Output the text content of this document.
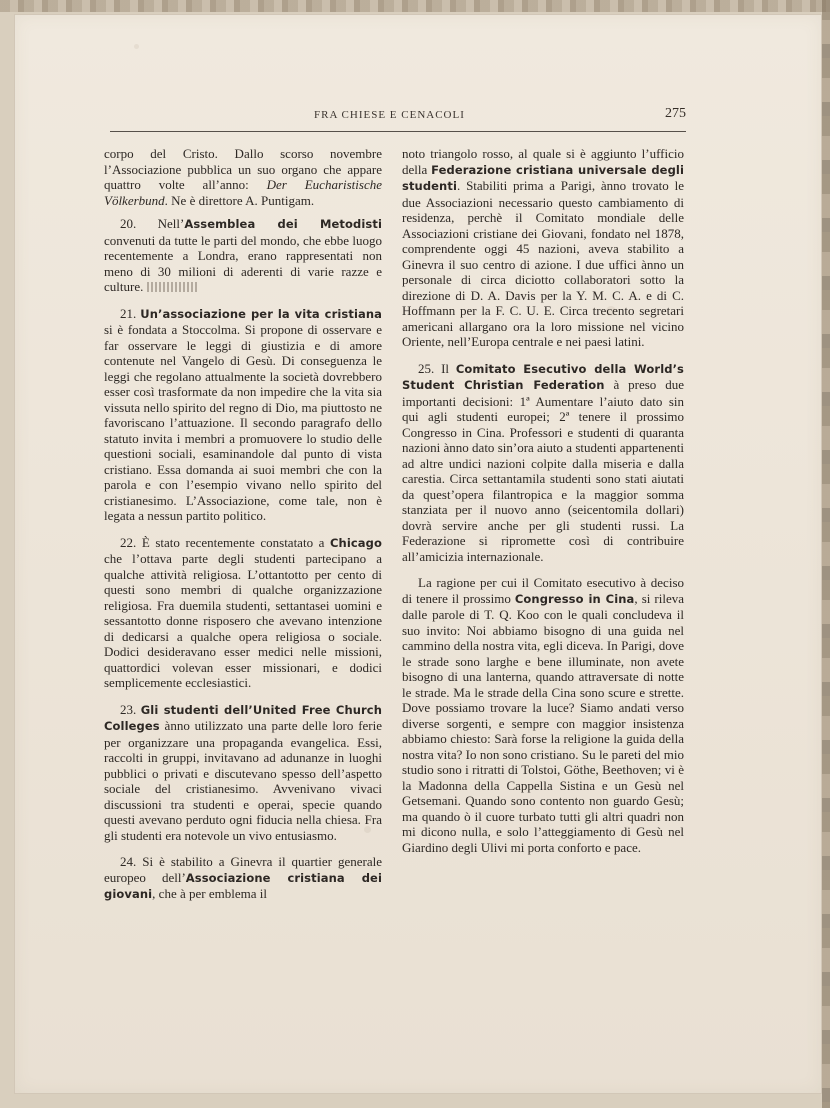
FRA CHIESE E CENACOLI	275

corpo del Cristo. Dallo scorso novembre l’Associazione pubblica un suo organo che appare quattro volte all’anno: Der Eucharistische Völkerbund. Ne è direttore A. Puntigam.

20. Nell’Assemblea dei Metodisti convenuti da tutte le parti del mondo, che ebbe luogo recentemente a Londra, erano rappresentati non meno di 30 milioni di aderenti di varie razze e culture.

21. Un’associazione per la vita cristiana si è fondata a Stoccolma. Si propone di osservare e far osservare le leggi di giustizia e di amore contenute nel Vangelo di Gesù. Di conseguenza le leggi che regolano attualmente la società dovrebbero esser così trasformate da non impedire che la vita sia vissuta nello spirito del regno di Dio, ma piuttosto ne favoriscano l’attuazione. Il secondo paragrafo dello statuto invita i membri a promuovere lo studio delle questioni sociali, esaminandole dal punto di vista cristiano. Essa domanda ai suoi membri che con la parola e con l’esempio vivano nello spirito del cristianesimo. L’Associazione, come tale, non è legata a nessun partito politico.

22. È stato recentemente constatato a Chicago che l’ottava parte degli studenti partecipano a qualche attività religiosa. L’ottantotto per cento di questi sono membri di qualche organizzazione religiosa. Fra duemila studenti, settantasei uomini e sessantotto donne risposero che avevano intenzione di dedicarsi a qualche opera religiosa o sociale. Dodici desideravano esser medici nelle missioni, quattordici volevan esser missionari, e dodici semplicemente ecclesiastici.

23. Gli studenti dell’United Free Church Colleges ànno utilizzato una parte delle loro ferie per organizzare una propaganda evangelica. Essi, raccolti in gruppi, invitavano ad adunanze in luoghi pubblici o privati e discutevano spesso dell’aspetto sociale del cristianesimo. Avvenivano vivaci discussioni tra studenti e operai, specie quando questi avevano perduto ogni fiducia nella chiesa. Fra gli studenti era notevole un vivo entusiasmo.

24. Si è stabilito a Ginevra il quartier generale europeo dell’Associazione cristiana dei giovani, che à per emblema il

noto triangolo rosso, al quale si è aggiunto l’ufficio della Federazione cristiana universale degli studenti. Stabiliti prima a Parigi, ànno trovato le due Associazioni necessario questo cambiamento di residenza, perchè il Comitato mondiale delle Associazioni cristiane dei Giovani, fondato nel 1878, comprendente oggi 45 nazioni, aveva stabilito a Ginevra il suo centro di azione. I due uffici ànno un personale di circa diciotto collaboratori sotto la direzione di D. A. Davis per la Y. M. C. A. e di C. Hoffmann per la F. C. U. E. Circa trecento segretari americani allargano ora la loro missione nel vicino Oriente, nell’Europa centrale e nei paesi latini.

25. Il Comitato Esecutivo della World’s Student Christian Federation à preso due importanti decisioni: 1ª Aumentare l’aiuto dato sin qui agli studenti europei; 2ª tenere il prossimo Congresso in Cina. Professori e studenti di quaranta nazioni ànno dato sin’ora aiuto a studenti appartenenti ad altre undici nazioni colpite dalla miseria e dalla carestia. Circa settantamila studenti sono stati aiutati da quest’opera filantropica e la maggior somma stanziata per il nuovo anno (seicentomila dollari) dovrà servire anche per gli studenti russi. La Federazione si ripromette così di contribuire all’amicizia internazionale.

La ragione per cui il Comitato esecutivo à deciso di tenere il prossimo Congresso in Cina, si rileva dalle parole di T. Q. Koo con le quali concludeva il suo invito: Noi abbiamo bisogno di una guida nel cammino della nostra vita, egli diceva. In Parigi, dove le strade sono larghe e bene illuminate, non avete bisogno di una lanterna, quando attraversate di notte le strade. Ma le strade della Cina sono scure e strette. Dove possiamo trovare la luce? Siamo andati verso diverse sorgenti, e sempre con maggior insistenza abbiamo chiesto: Sarà forse la religione la guida della nostra vita? Io non sono cristiano. Su le pareti del mio studio sono i ritratti di Tolstoi, Göthe, Beethoven; vi è la Madonna della Cappella Sistina e un Gesù nel Getsemani. Quando sono contento non guardo Gesù; ma quando ò il cuore turbato tutti gli altri quadri non mi dicono nulla, e solo l’atteggiamento di Gesù nel Giardino degli Ulivi mi porta conforto e pace.
